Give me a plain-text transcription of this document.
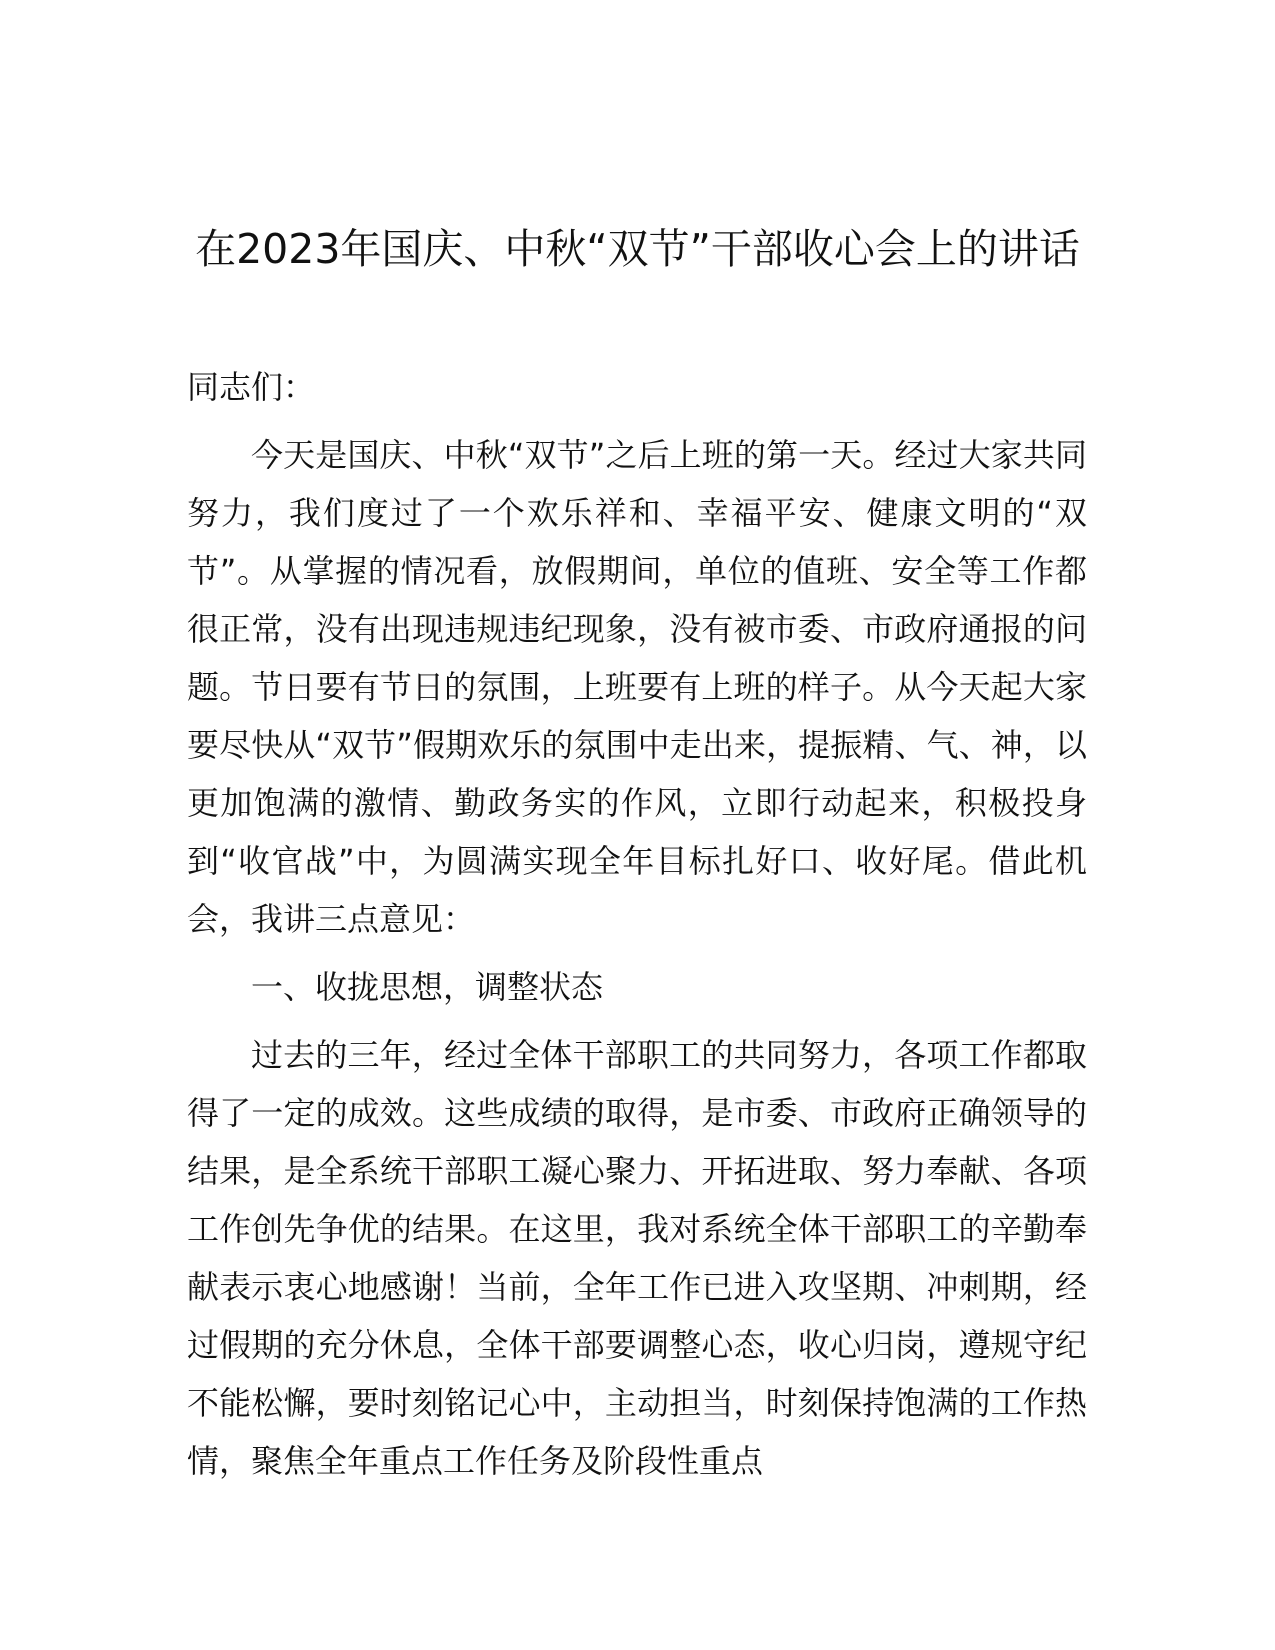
在2023年国庆、中秋“双节”干部收心会上的讲话

同志们：

今天是国庆、中秋“双节”之后上班的第一天。经过大家共同努力，我们度过了一个欢乐祥和、幸福平安、健康文明的“双节”。从掌握的情况看，放假期间，单位的值班、安全等工作都很正常，没有出现违规违纪现象，没有被市委、市政府通报的问题。节日要有节日的氛围，上班要有上班的样子。从今天起大家要尽快从“双节”假期欢乐的氛围中走出来，提振精、气、神，以更加饱满的激情、勤政务实的作风，立即行动起来，积极投身到“收官战”中，为圆满实现全年目标扎好口、收好尾。借此机会，我讲三点意见：

一、收拢思想，调整状态

过去的三年，经过全体干部职工的共同努力，各项工作都取得了一定的成效。这些成绩的取得，是市委、市政府正确领导的结果，是全系统干部职工凝心聚力、开拓进取、努力奉献、各项工作创先争优的结果。在这里，我对系统全体干部职工的辛勤奉献表示衷心地感谢！当前，全年工作已进入攻坚期、冲刺期，经过假期的充分休息，全体干部要调整心态，收心归岗，遵规守纪不能松懈，要时刻铭记心中，主动担当，时刻保持饱满的工作热情，聚焦全年重点工作任务及阶段性重点
